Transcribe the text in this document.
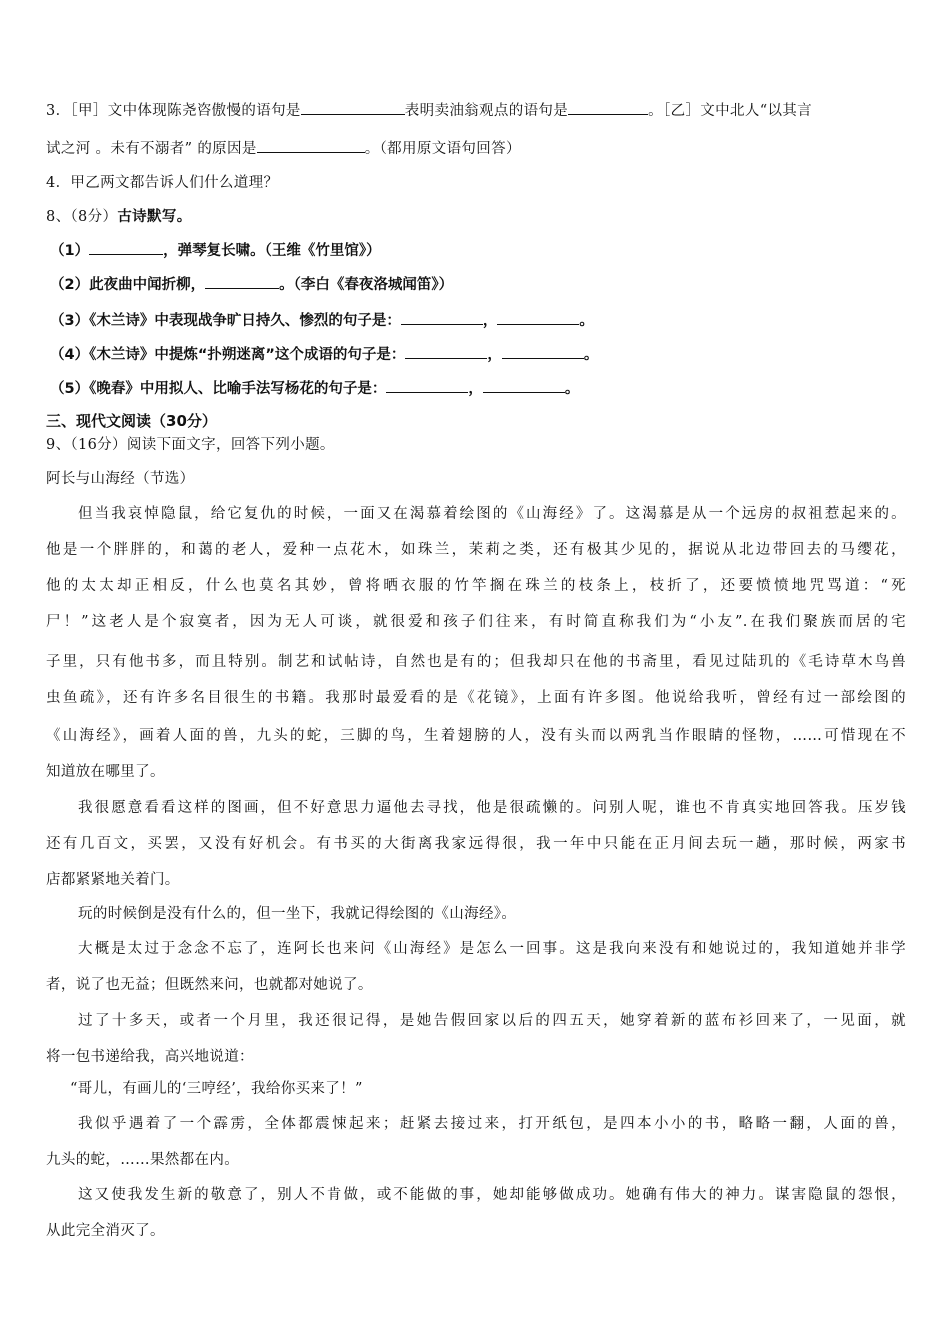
3．［甲］文中体现陈尧咨傲慢的语句是	表明卖油翁观点的语句是	。［乙］文中北人“以其言
试之河 。未有不溺者” 的原因是	。（都用原文语句回答）
4．甲乙两文都告诉人们什么道理？
8、（8分）古诗默写。
（1）	，弹琴复长啸。（王维《竹里馆》）
（2）此夜曲中闻折柳，	。（李白《春夜洛城闻笛》）
（3）《木兰诗》中表现战争旷日持久、惨烈的句子是：	，	。
（4）《木兰诗》中提炼“扑朔迷离”这个成语的句子是：	，	。
（5）《晚春》中用拟人、比喻手法写杨花的句子是：	，	。
三、现代文阅读（30分）
9、（16分）阅读下面文字，回答下列小题。
阿长与山海经（节选）
但当我哀悼隐鼠，给它复仇的时候，一面又在渴慕着绘图的《山海经》了。这渴慕是从一个远房的叔祖惹起来的。
他是一个胖胖的，和蔼的老人，爱种一点花木，如珠兰，茉莉之类，还有极其少见的，据说从北边带回去的马缨花，
他的太太却正相反，什么也莫名其妙，曾将晒衣服的竹竿搁在珠兰的枝条上，枝折了，还要愤愤地咒骂道：“死
尸！”这老人是个寂寞者，因为无人可谈，就很爱和孩子们往来，有时简直称我们为“小友”.在我们聚族而居的宅
子里，只有他书多，而且特别。制艺和试帖诗，自然也是有的；但我却只在他的书斋里，看见过陆玑的《毛诗草木鸟兽
虫鱼疏》，还有许多名目很生的书籍。我那时最爱看的是《花镜》，上面有许多图。他说给我听，曾经有过一部绘图的
《山海经》，画着人面的兽，九头的蛇，三脚的鸟，生着翅膀的人，没有头而以两乳当作眼睛的怪物，……可惜现在不
知道放在哪里了。
我很愿意看看这样的图画，但不好意思力逼他去寻找，他是很疏懒的。问别人呢，谁也不肯真实地回答我。压岁钱
还有几百文，买罢，又没有好机会。有书买的大街离我家远得很，我一年中只能在正月间去玩一趟，那时候，两家书
店都紧紧地关着门。
玩的时候倒是没有什么的，但一坐下，我就记得绘图的《山海经》。
大概是太过于念念不忘了，连阿长也来问《山海经》是怎么一回事。这是我向来没有和她说过的，我知道她并非学
者，说了也无益；但既然来问，也就都对她说了。
过了十多天，或者一个月里，我还很记得，是她告假回家以后的四五天，她穿着新的蓝布衫回来了，一见面，就
将一包书递给我，高兴地说道：
“哥儿，有画儿的‘三哼经’，我给你买来了！”
我似乎遇着了一个霹雳，全体都震悚起来；赶紧去接过来，打开纸包，是四本小小的书，略略一翻，人面的兽，
九头的蛇，……果然都在内。
这又使我发生新的敬意了，别人不肯做，或不能做的事，她却能够做成功。她确有伟大的神力。谋害隐鼠的怨恨，
从此完全消灭了。
